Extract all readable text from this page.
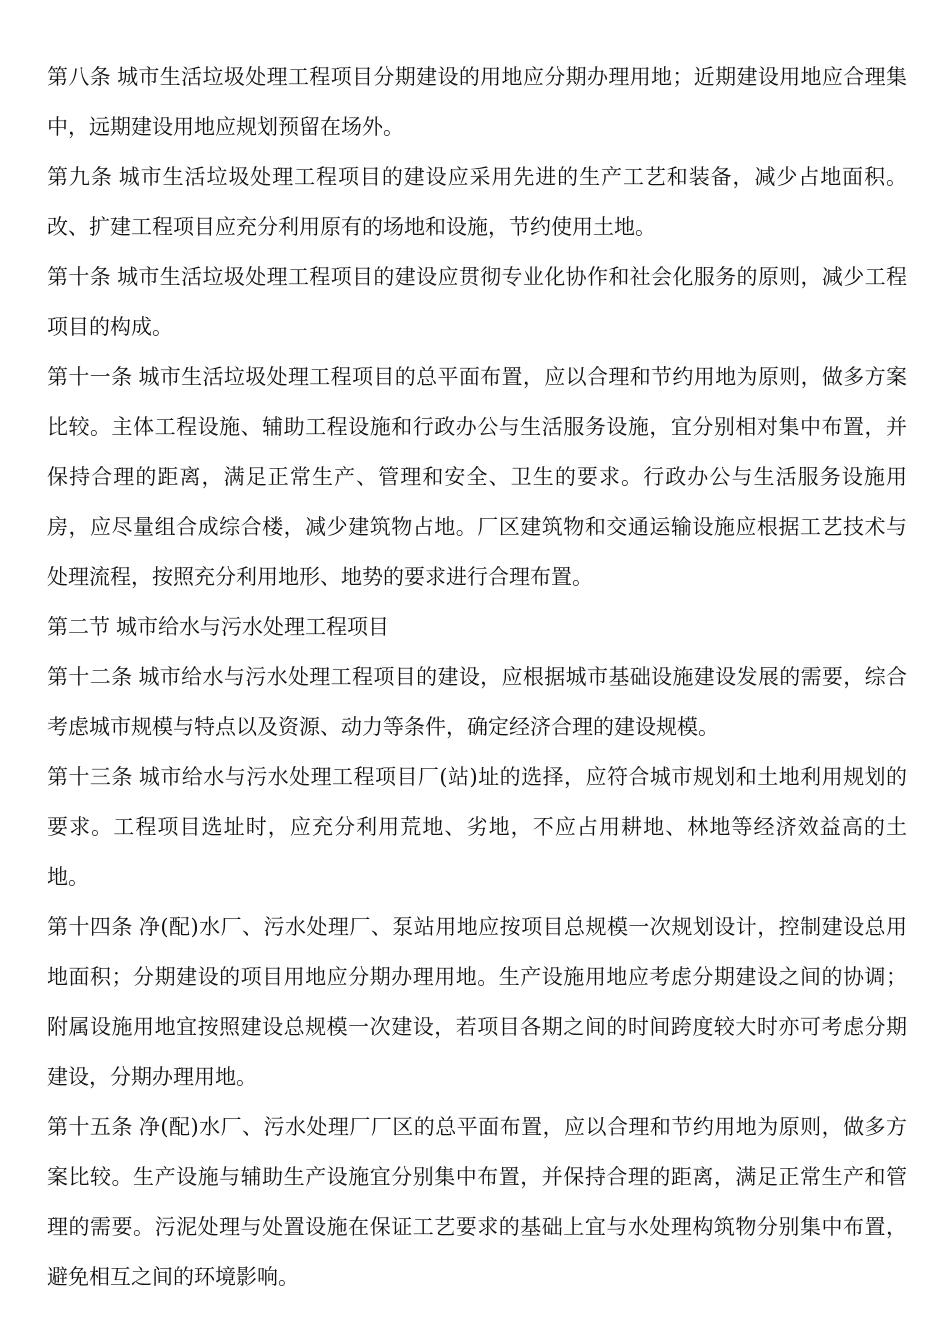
第八条 城市生活垃圾处理工程项目分期建设的用地应分期办理用地；近期建设用地应合理集中，远期建设用地应规划预留在场外。

第九条 城市生活垃圾处理工程项目的建设应采用先进的生产工艺和装备，减少占地面积。改、扩建工程项目应充分利用原有的场地和设施，节约使用土地。

第十条 城市生活垃圾处理工程项目的建设应贯彻专业化协作和社会化服务的原则，减少工程项目的构成。

第十一条 城市生活垃圾处理工程项目的总平面布置，应以合理和节约用地为原则，做多方案比较。主体工程设施、辅助工程设施和行政办公与生活服务设施，宜分别相对集中布置，并保持合理的距离，满足正常生产、管理和安全、卫生的要求。行政办公与生活服务设施用房，应尽量组合成综合楼，减少建筑物占地。厂区建筑物和交通运输设施应根据工艺技术与处理流程，按照充分利用地形、地势的要求进行合理布置。

第二节 城市给水与污水处理工程项目

第十二条 城市给水与污水处理工程项目的建设，应根据城市基础设施建设发展的需要，综合考虑城市规模与特点以及资源、动力等条件，确定经济合理的建设规模。

第十三条 城市给水与污水处理工程项目厂(站)址的选择，应符合城市规划和土地利用规划的要求。工程项目选址时，应充分利用荒地、劣地，不应占用耕地、林地等经济效益高的土地。

第十四条 净(配)水厂、污水处理厂、泵站用地应按项目总规模一次规划设计，控制建设总用地面积；分期建设的项目用地应分期办理用地。生产设施用地应考虑分期建设之间的协调；附属设施用地宜按照建设总规模一次建设，若项目各期之间的时间跨度较大时亦可考虑分期建设，分期办理用地。

第十五条 净(配)水厂、污水处理厂厂区的总平面布置，应以合理和节约用地为原则，做多方案比较。生产设施与辅助生产设施宜分别集中布置，并保持合理的距离，满足正常生产和管理的需要。污泥处理与处置设施在保证工艺要求的基础上宜与水处理构筑物分别集中布置，避免相互之间的环境影响。
